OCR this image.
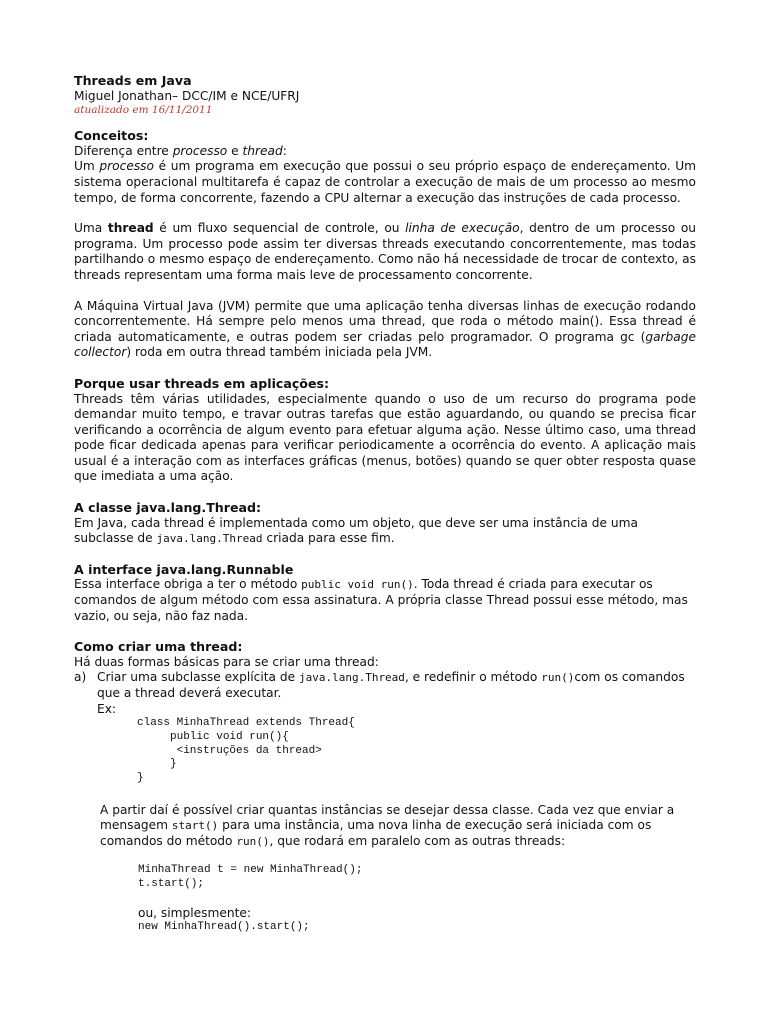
Threads em Java
Miguel Jonathan– DCC/IM e NCE/UFRJ
atualizado em 16/11/2011
Conceitos:

Diferença entre processo e thread:

Um processo é um programa em execução que possui o seu próprio espaço de endereçamento. Um sistema operacional multitarefa é capaz de controlar a execução de mais de um processo ao mesmo tempo, de forma concorrente, fazendo a CPU alternar a execução das instruções de cada processo.

Uma thread é um fluxo sequencial de controle, ou linha de execução, dentro de um processo ou programa. Um processo pode assim ter diversas threads executando concorrentemente, mas todas partilhando o mesmo espaço de endereçamento. Como não há necessidade de trocar de contexto, as threads representam uma forma mais leve de processamento concorrente.

A Máquina Virtual Java (JVM) permite que uma aplicação tenha diversas linhas de execução rodando concorrentemente. Há sempre pelo menos uma thread, que roda o método main(). Essa thread é criada automaticamente, e outras podem ser criadas pelo programador. O programa gc (garbage collector) roda em outra thread também iniciada pela JVM.

Porque usar threads em aplicações:

Threads têm várias utilidades, especialmente quando o uso de um recurso do programa pode demandar muito tempo, e travar outras tarefas que estão aguardando, ou quando se precisa ficar verificando a ocorrência de algum evento para efetuar alguma ação. Nesse último caso, uma thread pode ficar dedicada apenas para verificar periodicamente a ocorrência do evento. A aplicação mais usual é a interação com as interfaces gráficas (menus, botões) quando se quer obter resposta quase que imediata a uma ação.

A classe java.lang.Thread:

Em Java, cada thread é implementada como um objeto, que deve ser uma instância de uma subclasse de java.lang.Thread criada para esse fim.

A interface java.lang.Runnable

Essa interface obriga a ter o método public void run(). Toda thread é criada para executar os comandos de algum método com essa assinatura. A própria classe Thread possui esse método, mas vazio, ou seja, não faz nada.

Como criar uma thread:

Há duas formas básicas para se criar uma thread:

a) Criar uma subclasse explícita de java.lang.Thread, e redefinir o método run()com os comandos que a thread deverá executar.

Ex:

class MinhaThread extends Thread{
public void run(){
<instruções da thread>
}
}

A partir daí é possível criar quantas instâncias se desejar dessa classe. Cada vez que enviar a mensagem start() para uma instância, uma nova linha de execução será iniciada com os comandos do método run(), que rodará em paralelo com as outras threads:

MinhaThread t = new MinhaThread();
t.start();

ou, simplesmente:

new MinhaThread().start();
